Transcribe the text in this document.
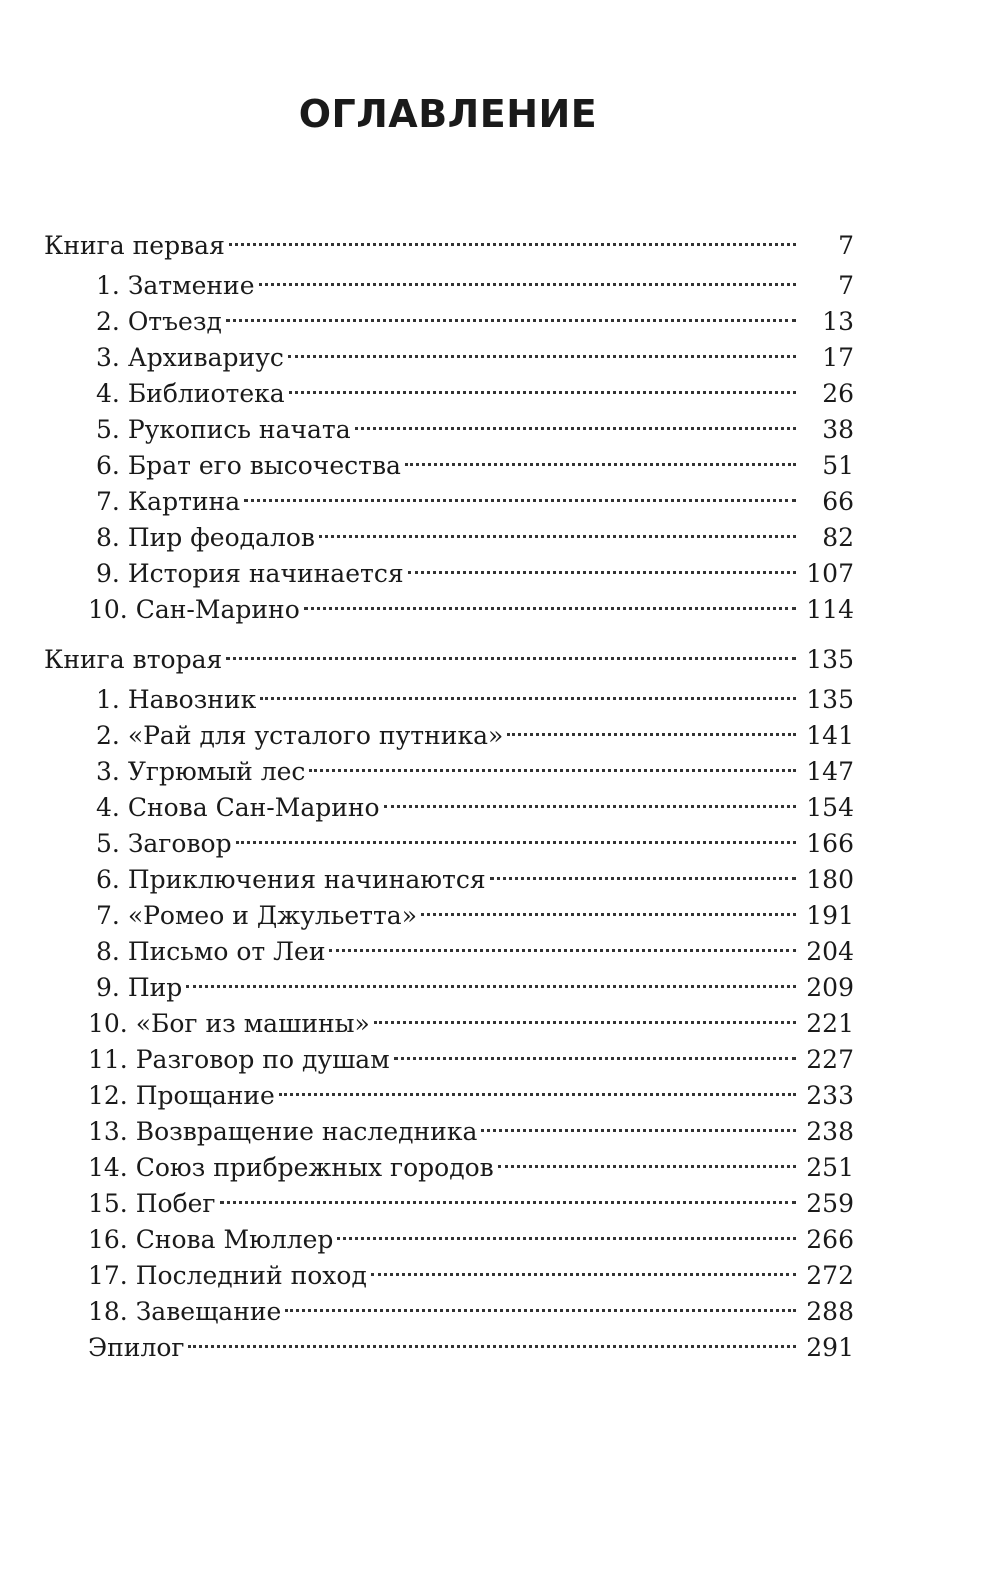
ОГЛАВЛЕНИЕ
Книга первая	7
1. Затмение	7
2. Отъезд	13
3. Архивариус	17
4. Библиотека	26
5. Рукопись начата	38
6. Брат его высочества	51
7. Картина	66
8. Пир феодалов	82
9. История начинается	107
10. Сан-Марино	114
Книга вторая	135
1. Навозник	135
2. «Рай для усталого путника»	141
3. Угрюмый лес	147
4. Снова Сан-Марино	154
5. Заговор	166
6. Приключения начинаются	180
7. «Ромео и Джульетта»	191
8. Письмо от Леи	204
9. Пир	209
10. «Бог из машины»	221
11. Разговор по душам	227
12. Прощание	233
13. Возвращение наследника	238
14. Союз прибрежных городов	251
15. Побег	259
16. Снова Мюллер	266
17. Последний поход	272
18. Завещание	288
Эпилог	291
